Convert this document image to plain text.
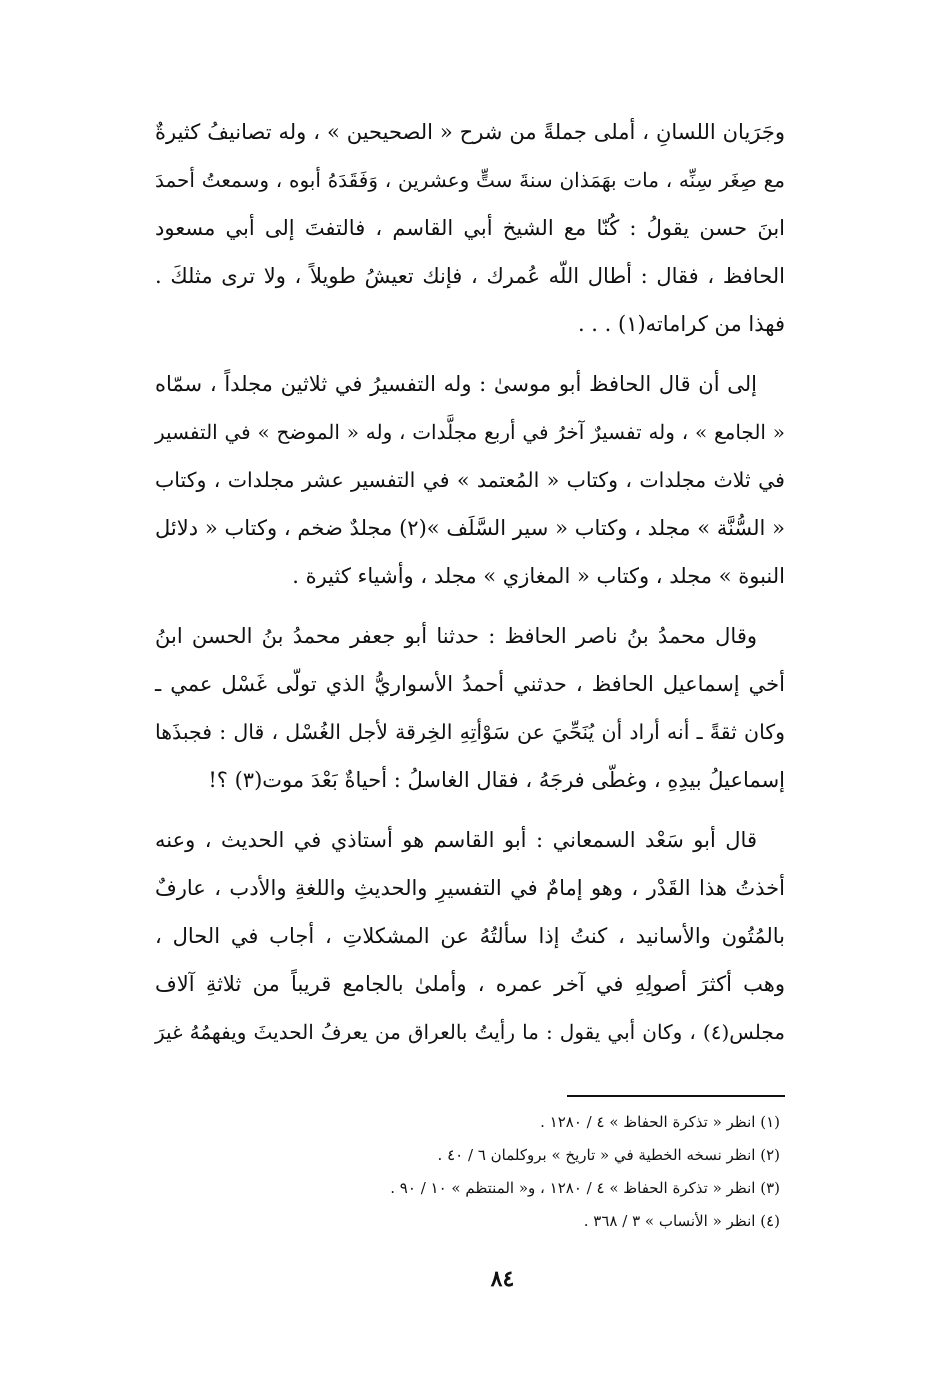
وجَرَيان اللسانِ ، أملى جملةً من شرح « الصحيحين » ، وله تصانيفُ كثيرةٌ
مع صِغَر سِنِّه ، مات بهَمَذان سنةَ ستٍّ وعشرين ، وَفَقَدَهُ أبوه ، وسمعتُ أحمدَ
ابنَ حسن يقولُ : كُنّا مع الشيخ أبي القاسم ، فالتفتَ إلى أبي مسعود
الحافظ ، فقال : أطال اللّه عُمرك ، فإنك تعيشُ طويلاً ، ولا ترى مثلكَ .
فهذا من كراماته(١) . . .
إلى أن قال الحافظ أبو موسىٰ : وله التفسيرُ في ثلاثين مجلداً ، سمّاه
« الجامع » ، وله تفسيرٌ آخرُ في أربع مجلَّدات ، وله « الموضح » في التفسير
في ثلاث مجلدات ، وكتاب « المُعتمد » في التفسير عشر مجلدات ، وكتاب
« السُّنَّة » مجلد ، وكتاب « سير السَّلَف »(٢) مجلدٌ ضخم ، وكتاب « دلائل
النبوة » مجلد ، وكتاب « المغازي » مجلد ، وأشياء كثيرة .
وقال محمدُ بنُ ناصر الحافظ : حدثنا أبو جعفر محمدُ بنُ الحسن ابنُ
أخي إسماعيل الحافظ ، حدثني أحمدُ الأسواريُّ الذي تولّى غَسْل عمي ـ
وكان ثقةً ـ أنه أراد أن يُنَحِّيَ عن سَوْأتِهِ الخِرقة لأجل الغُسْل ، قال : فجبذَها
إسماعيلُ بيدِهِ ، وغطّى فرجَهُ ، فقال الغاسلُ : أحياةٌ بَعْدَ موت(٣) ؟!
قال أبو سَعْد السمعاني : أبو القاسم هو أستاذي في الحديث ، وعنه
أخذتُ هذا القَدْر ، وهو إمامٌ في التفسيرِ والحديثِ واللغةِ والأدب ، عارفٌ
بالمُتُون والأسانيد ، كنتُ إذا سألتُهُ عن المشكلاتِ ، أجاب في الحال ،
وهب أكثرَ أصولِهِ في آخر عمره ، وأملىٰ بالجامع قريباً من ثلاثةِ آلاف
مجلس(٤) ، وكان أبي يقول : ما رأيتُ بالعراق من يعرفُ الحديثَ ويفهمُهُ غيرَ
(١) انظر « تذكرة الحفاظ » ٤ / ١٢٨٠ .
(٢) انظر نسخه الخطية في « تاريخ » بروكلمان ٦ / ٤٠ .
(٣) انظر « تذكرة الحفاظ » ٤ / ١٢٨٠ ، و« المنتظم » ١٠ / ٩٠ .
(٤) انظر « الأنساب » ٣ / ٣٦٨ .
٨٤
